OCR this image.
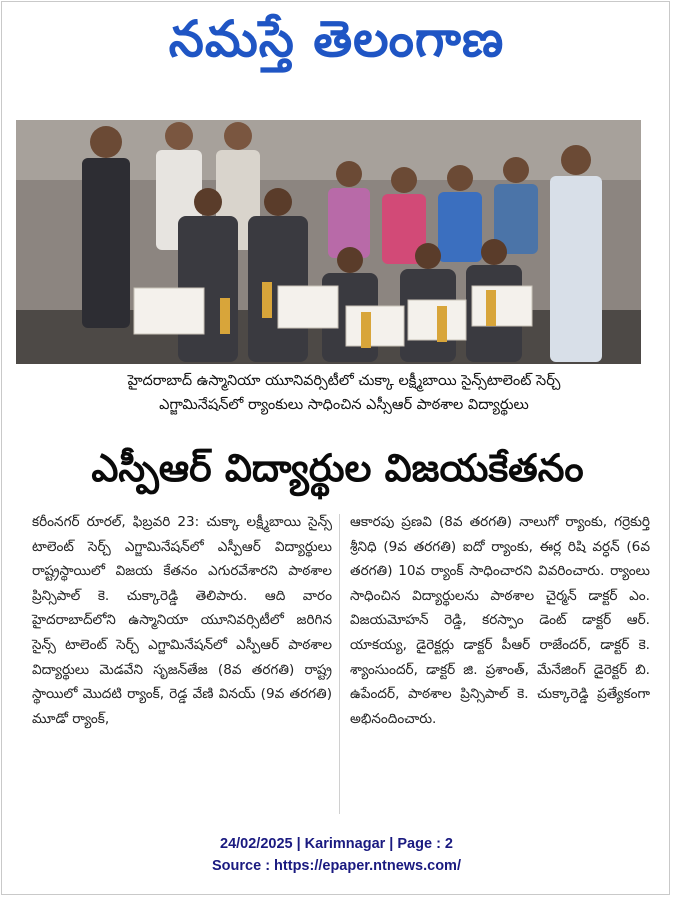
నమస్తే తెలంగాణ
హైదరాబాద్ ఉస్మానియా యూనివర్సిటీలో చుక్కా లక్ష్మీబాయి సైన్స్‌టాలెంట్ సెర్చ్
ఎగ్జామినేషన్‌లో ర్యాంకులు సాధించిన ఎస్సీఆర్ పాఠశాల విద్యార్థులు
ఎస్పీఆర్ విద్యార్థుల విజయకేతనం
కరీంనగర్ రూరల్, ఫిబ్రవరి 23: చుక్కా లక్ష్మీబాయి సైన్స్ టాలెంట్ సెర్చ్ ఎగ్జామినేషన్‌లో ఎస్పీఆర్ విద్యార్థులు రాష్ట్రస్థాయిలో విజయ కేతనం ఎగురవేశారని పాఠశాల ప్రిన్సిపాల్ కె. చుక్కారెడ్డి తెలిపారు. ఆది వారం హైదరాబాద్‌లోని ఉస్మానియా యూనివర్సిటీలో జరిగిన సైన్స్ టాలెంట్ సెర్చ్ ఎగ్జామినేషన్‌లో ఎస్పీఆర్ పాఠశాల విద్యార్థులు మెడవేని సృజన్‌తేజ (8వ తరగతి) రాష్ట్ర స్థాయిలో మొదటి ర్యాంక్, రెడ్డ వేణి వినయ్ (9వ తరగతి) మూడో ర్యాంక్,
ఆకారపు ప్రణవి (8వ తరగతి) నాలుగో ర్యాంకు, గర్రెకుర్తి శ్రీనిధి (9వ తరగతి) ఐదో ర్యాంకు, ఈర్ల రిషి వర్ధన్ (6వ తరగతి) 10వ ర్యాంక్ సాధించారని వివరించారు. ర్యాంలు సాధించిన విద్యార్థులను పాఠశాల చైర్మన్ డాక్టర్ ఎం. విజయమోహన్ రెడ్డి, కరస్పాం డెంట్ డాక్టర్ ఆర్. యాకయ్య, డైరెక్టర్లు డాక్టర్ పీఆర్ రాజేందర్, డాక్టర్ కె. శ్యాంసుందర్, డాక్టర్ జి. ప్రశాంత్, మేనేజింగ్ డైరెక్టర్ బి. ఉపేందర్, పాఠశాల ప్రిన్సిపాల్ కె. చుక్కారెడ్డి ప్రత్యేకంగా అభినందించారు.
24/02/2025 | Karimnagar | Page : 2
Source : https://epaper.ntnews.com/
